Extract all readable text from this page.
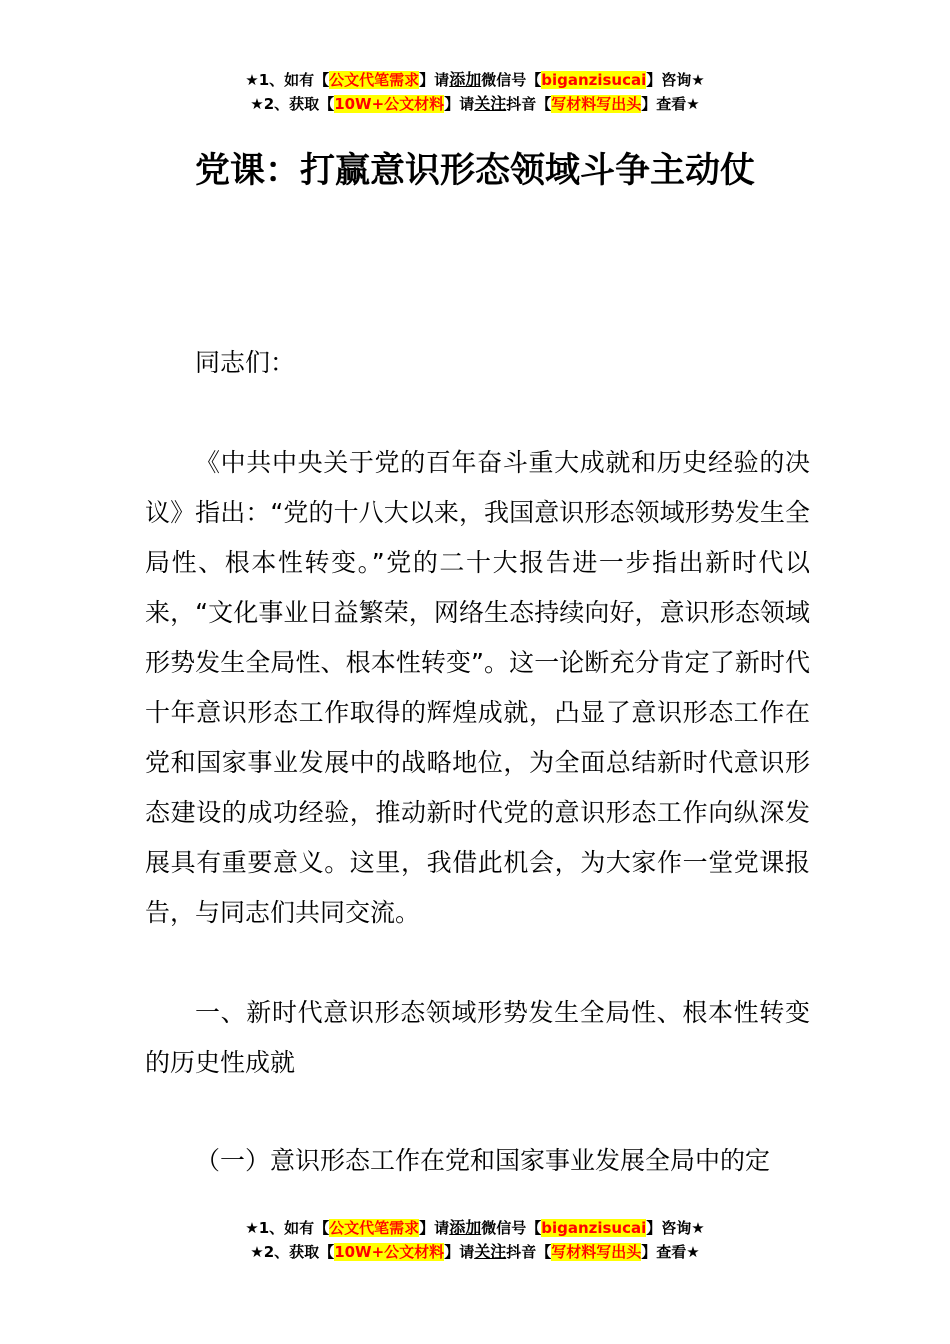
★1、如有【公文代笔需求】请添加微信号【biganzisucai】咨询★
★2、获取【10W+公文材料】请关注抖音【写材料写出头】查看★
党课：打赢意识形态领域斗争主动仗
同志们：
《中共中央关于党的百年奋斗重大成就和历史经验的决议》指出：“党的十八大以来，我国意识形态领域形势发生全局性、根本性转变。”党的二十大报告进一步指出新时代以来，“文化事业日益繁荣，网络生态持续向好，意识形态领域形势发生全局性、根本性转变”。这一论断充分肯定了新时代十年意识形态工作取得的辉煌成就，凸显了意识形态工作在党和国家事业发展中的战略地位，为全面总结新时代意识形态建设的成功经验，推动新时代党的意识形态工作向纵深发展具有重要意义。这里，我借此机会，为大家作一堂党课报告，与同志们共同交流。
一、新时代意识形态领域形势发生全局性、根本性转变的历史性成就
（一）意识形态工作在党和国家事业发展全局中的定
★1、如有【公文代笔需求】请添加微信号【biganzisucai】咨询★
★2、获取【10W+公文材料】请关注抖音【写材料写出头】查看★
